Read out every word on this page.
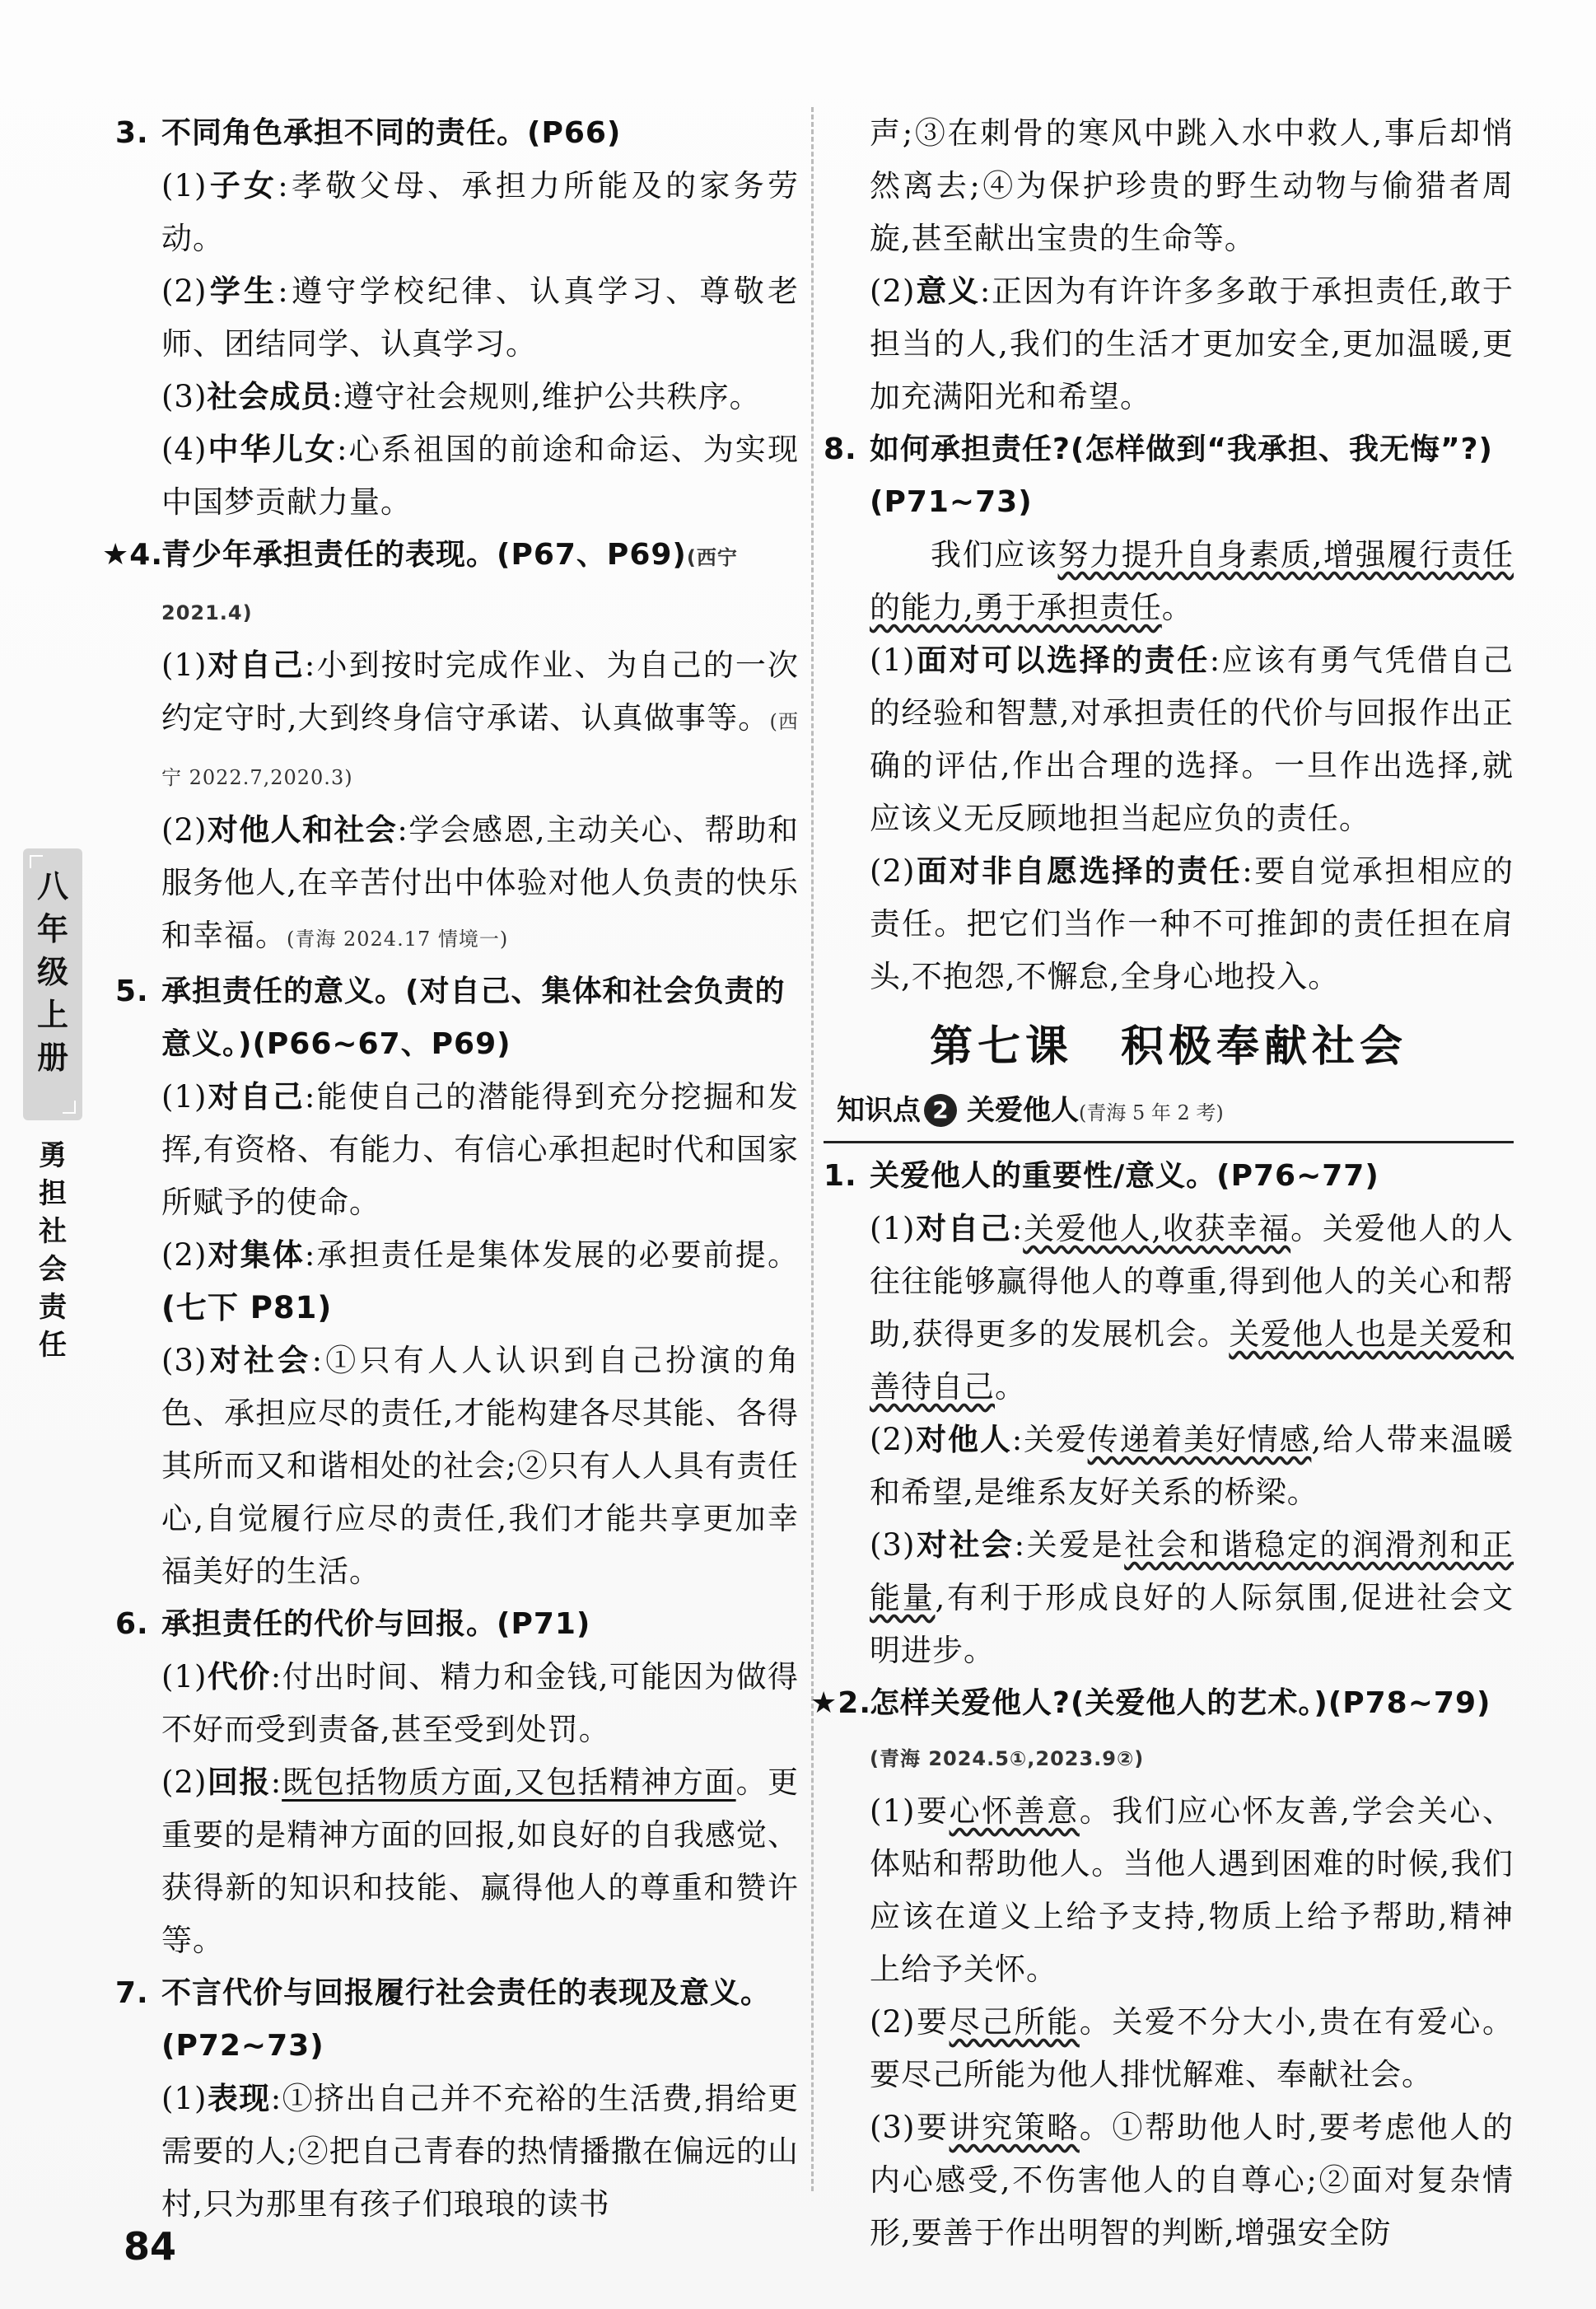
八年级上册
勇担社会责任
3. 不同角色承担不同的责任。(P66)
(1)子女:孝敬父母、承担力所能及的家务劳动。
(2)学生:遵守学校纪律、认真学习、尊敬老师、团结同学、认真学习。
(3)社会成员:遵守社会规则,维护公共秩序。
(4)中华儿女:心系祖国的前途和命运、为实现中国梦贡献力量。
★4.
青少年承担责任的表现。(P67、P69)(西宁2021.4)
(1)对自己:小到按时完成作业、为自己的一次约定守时,大到终身信守承诺、认真做事等。(西宁 2022.7,2020.3)
(2)对他人和社会:学会感恩,主动关心、帮助和服务他人,在辛苦付出中体验对他人负责的快乐和幸福。(青海 2024.17 情境一)
5. 承担责任的意义。(对自己、集体和社会负责的意义。)(P66~67、P69)
(1)对自己:能使自己的潜能得到充分挖掘和发挥,有资格、有能力、有信心承担起时代和国家所赋予的使命。
(2)对集体:承担责任是集体发展的必要前提。(七下 P81)
(3)对社会:①只有人人认识到自己扮演的角色、承担应尽的责任,才能构建各尽其能、各得其所而又和谐相处的社会;②只有人人具有责任心,自觉履行应尽的责任,我们才能共享更加幸福美好的生活。
6. 承担责任的代价与回报。(P71)
(1)代价:付出时间、精力和金钱,可能因为做得不好而受到责备,甚至受到处罚。
(2)回报:既包括物质方面,又包括精神方面。更重要的是精神方面的回报,如良好的自我感觉、获得新的知识和技能、赢得他人的尊重和赞许等。
7. 不言代价与回报履行社会责任的表现及意义。(P72~73)
(1)表现:①挤出自己并不充裕的生活费,捐给更需要的人;②把自己青春的热情播撒在偏远的山村,只为那里有孩子们琅琅的读书
声;③在刺骨的寒风中跳入水中救人,事后却悄然离去;④为保护珍贵的野生动物与偷猎者周旋,甚至献出宝贵的生命等。
(2)意义:正因为有许许多多敢于承担责任,敢于担当的人,我们的生活才更加安全,更加温暖,更加充满阳光和希望。
8. 如何承担责任?(怎样做到“我承担、我无悔”?)(P71~73)
我们应该努力提升自身素质,增强履行责任的能力,勇于承担责任。
(1)面对可以选择的责任:应该有勇气凭借自己的经验和智慧,对承担责任的代价与回报作出正确的评估,作出合理的选择。一旦作出选择,就应该义无反顾地担当起应负的责任。
(2)面对非自愿选择的责任:要自觉承担相应的责任。把它们当作一种不可推卸的责任担在肩头,不抱怨,不懈怠,全身心地投入。
第七课　积极奉献社会
知识点 2 关爱他人(青海 5 年 2 考)
1. 关爱他人的重要性/意义。(P76~77)
(1)对自己:关爱他人,收获幸福。关爱他人的人往往能够赢得他人的尊重,得到他人的关心和帮助,获得更多的发展机会。关爱他人也是关爱和善待自己。
(2)对他人:关爱传递着美好情感,给人带来温暖和希望,是维系友好关系的桥梁。
(3)对社会:关爱是社会和谐稳定的润滑剂和正能量,有利于形成良好的人际氛围,促进社会文明进步。
★2.
怎样关爱他人?(关爱他人的艺术。)(P78~79)(青海 2024.5①,2023.9②)
(1)要心怀善意。我们应心怀友善,学会关心、体贴和帮助他人。当他人遇到困难的时候,我们应该在道义上给予支持,物质上给予帮助,精神上给予关怀。
(2)要尽己所能。关爱不分大小,贵在有爱心。要尽己所能为他人排忧解难、奉献社会。
(3)要讲究策略。①帮助他人时,要考虑他人的内心感受,不伤害他人的自尊心;②面对复杂情形,要善于作出明智的判断,增强安全防
84
